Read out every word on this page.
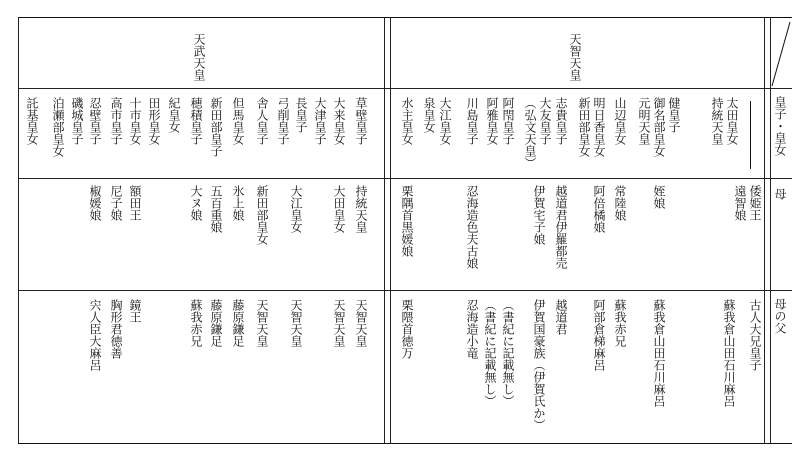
皇子・皇女
母
母の父
天智天皇
天武天皇
太田皇女
倭姫王
古人大兄皇子
持統天皇
遠智娘
蘇我倉山田石川麻呂
健皇子
御名部皇女
姪娘
蘇我倉山田石川麻呂
元明天皇
山辺皇女
常陸娘
蘇我赤兄
明日香皇女
阿倍橘娘
阿部倉梯麻呂
新田部皇女
志貴皇子
越道君伊羅都売
越道君
大友皇子
（弘文天皇）
伊賀宅子娘
伊賀国豪族（伊賀氏か）
阿閇皇子
（書紀に記載無し）
阿雅皇女
（書紀に記載無し）
川島皇子
忍海造色夫古娘
忍海造小竜
大江皇女
泉皇女
水主皇女
栗隅首黒媛娘
栗隈首徳万
草壁皇子
持統天皇
天智天皇
大来皇女
大田皇女
天智天皇
大津皇子
長皇子
大江皇女
天智天皇
弓削皇子
舎人皇子
新田部皇女
天智天皇
但馬皇女
氷上娘
藤原鎌足
新田部皇子
五百重娘
藤原鎌足
穂積皇子
大ヌ娘
蘇我赤兄
紀皇女
田形皇女
十市皇女
額田王
鏡王
高市皇子
尼子娘
胸形君徳善
忍壁皇子
椒媛娘
宍人臣大麻呂
磯城皇子
泊瀬部皇女
託基皇女
